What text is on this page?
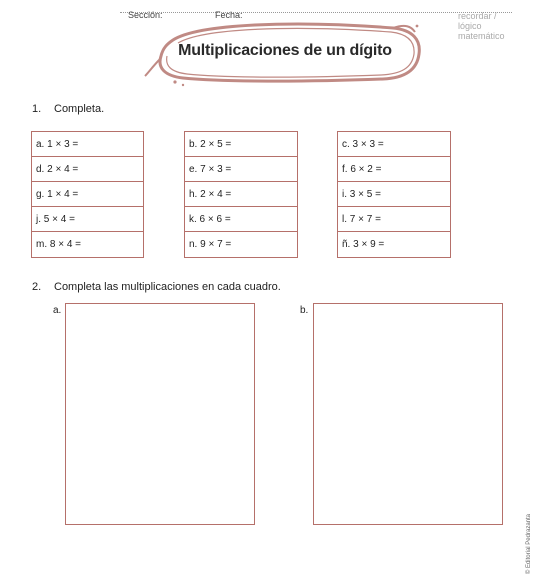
Sección:	Fecha:	recordar / lógico matemático
Multiplicaciones de un dígito
1. Completa.
a. 1 × 3 =
d. 2 × 4 =
g. 1 × 4 =
j. 5 × 4 =
m. 8 × 4 =
b. 2 × 5 =
e. 7 × 3 =
h. 2 × 4 =
k. 6 × 6 =
n. 9 × 7 =
c. 3 × 3 =
f. 6 × 2 =
i. 3 × 5 =
l. 7 × 7 =
ñ. 3 × 9 =
2. Completa las multiplicaciones en cada cuadro.
a.	b.
© Editorial Pedrazanta
